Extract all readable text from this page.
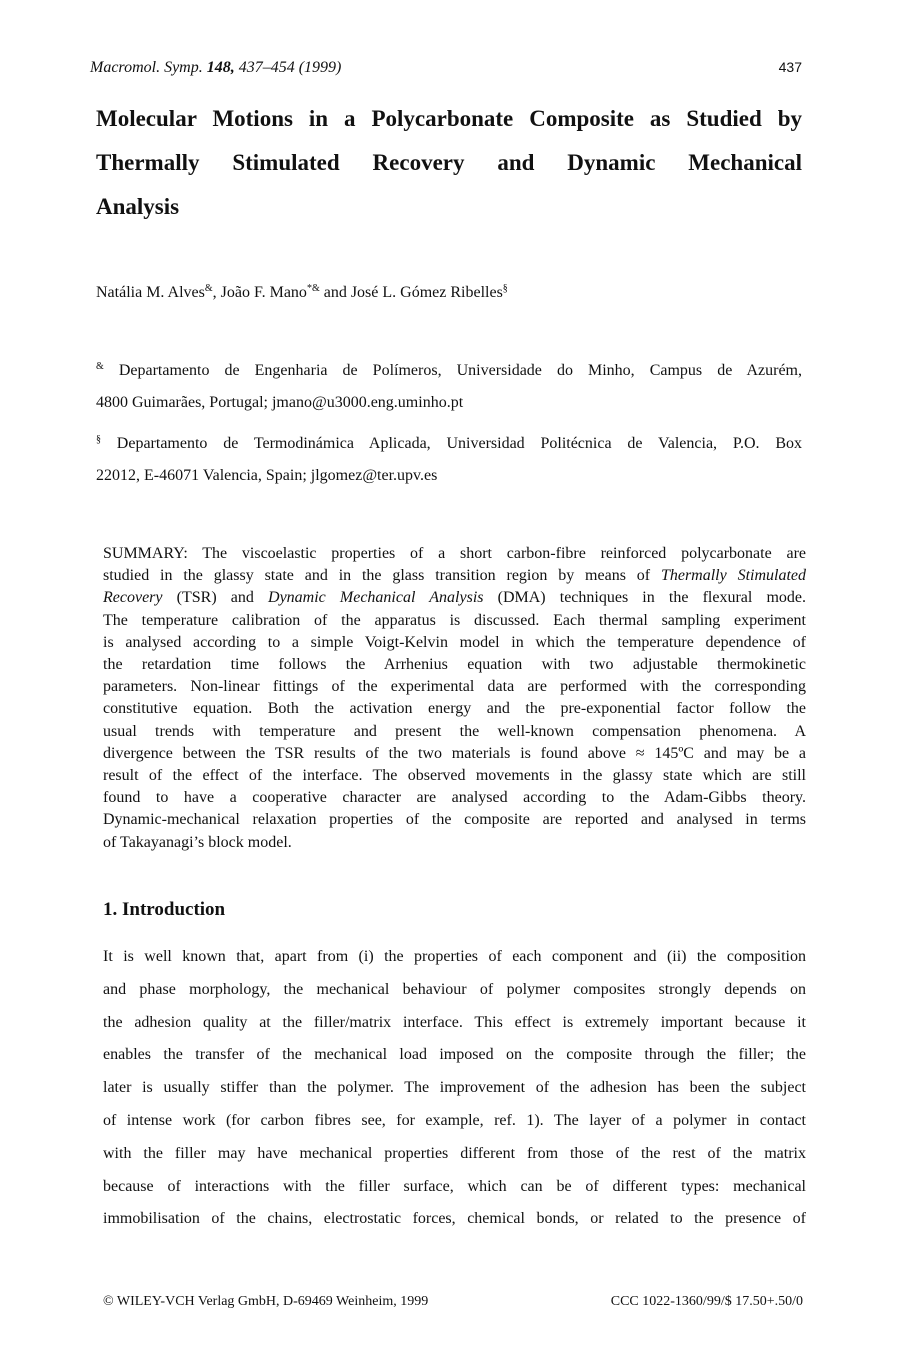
Macromol. Symp. 148, 437–454 (1999)	437
Molecular Motions in a Polycarbonate Composite as Studied by
Thermally Stimulated Recovery and Dynamic Mechanical
Analysis
Natália M. Alves&, João F. Mano*& and José L. Gómez Ribelles§

& Departamento de Engenharia de Polímeros, Universidade do Minho, Campus de Azurém,
4800 Guimarães, Portugal; jmano@u3000.eng.uminho.pt

§ Departamento de Termodinámica Aplicada, Universidad Politécnica de Valencia, P.O. Box
22012, E-46071 Valencia, Spain; jlgomez@ter.upv.es

SUMMARY: The viscoelastic properties of a short carbon-fibre reinforced polycarbonate are
studied in the glassy state and in the glass transition region by means of Thermally Stimulated
Recovery (TSR) and Dynamic Mechanical Analysis (DMA) techniques in the flexural mode.
The temperature calibration of the apparatus is discussed. Each thermal sampling experiment
is analysed according to a simple Voigt-Kelvin model in which the temperature dependence of
the retardation time follows the Arrhenius equation with two adjustable thermokinetic
parameters. Non-linear fittings of the experimental data are performed with the corresponding
constitutive equation. Both the activation energy and the pre-exponential factor follow the
usual trends with temperature and present the well-known compensation phenomena. A
divergence between the TSR results of the two materials is found above ≈ 145ºC and may be a
result of the effect of the interface. The observed movements in the glassy state which are still
found to have a cooperative character are analysed according to the Adam-Gibbs theory.
Dynamic-mechanical relaxation properties of the composite are reported and analysed in terms
of Takayanagi’s block model.

1. Introduction

It is well known that, apart from (i) the properties of each component and (ii) the composition
and phase morphology, the mechanical behaviour of polymer composites strongly depends on
the adhesion quality at the filler/matrix interface. This effect is extremely important because it
enables the transfer of the mechanical load imposed on the composite through the filler; the
later is usually stiffer than the polymer. The improvement of the adhesion has been the subject
of intense work (for carbon fibres see, for example, ref. 1). The layer of a polymer in contact
with the filler may have mechanical properties different from those of the rest of the matrix
because of interactions with the filler surface, which can be of different types: mechanical
immobilisation of the chains, electrostatic forces, chemical bonds, or related to the presence of

© WILEY-VCH Verlag GmbH, D-69469 Weinheim, 1999	CCC 1022-1360/99/$ 17.50+.50/0
